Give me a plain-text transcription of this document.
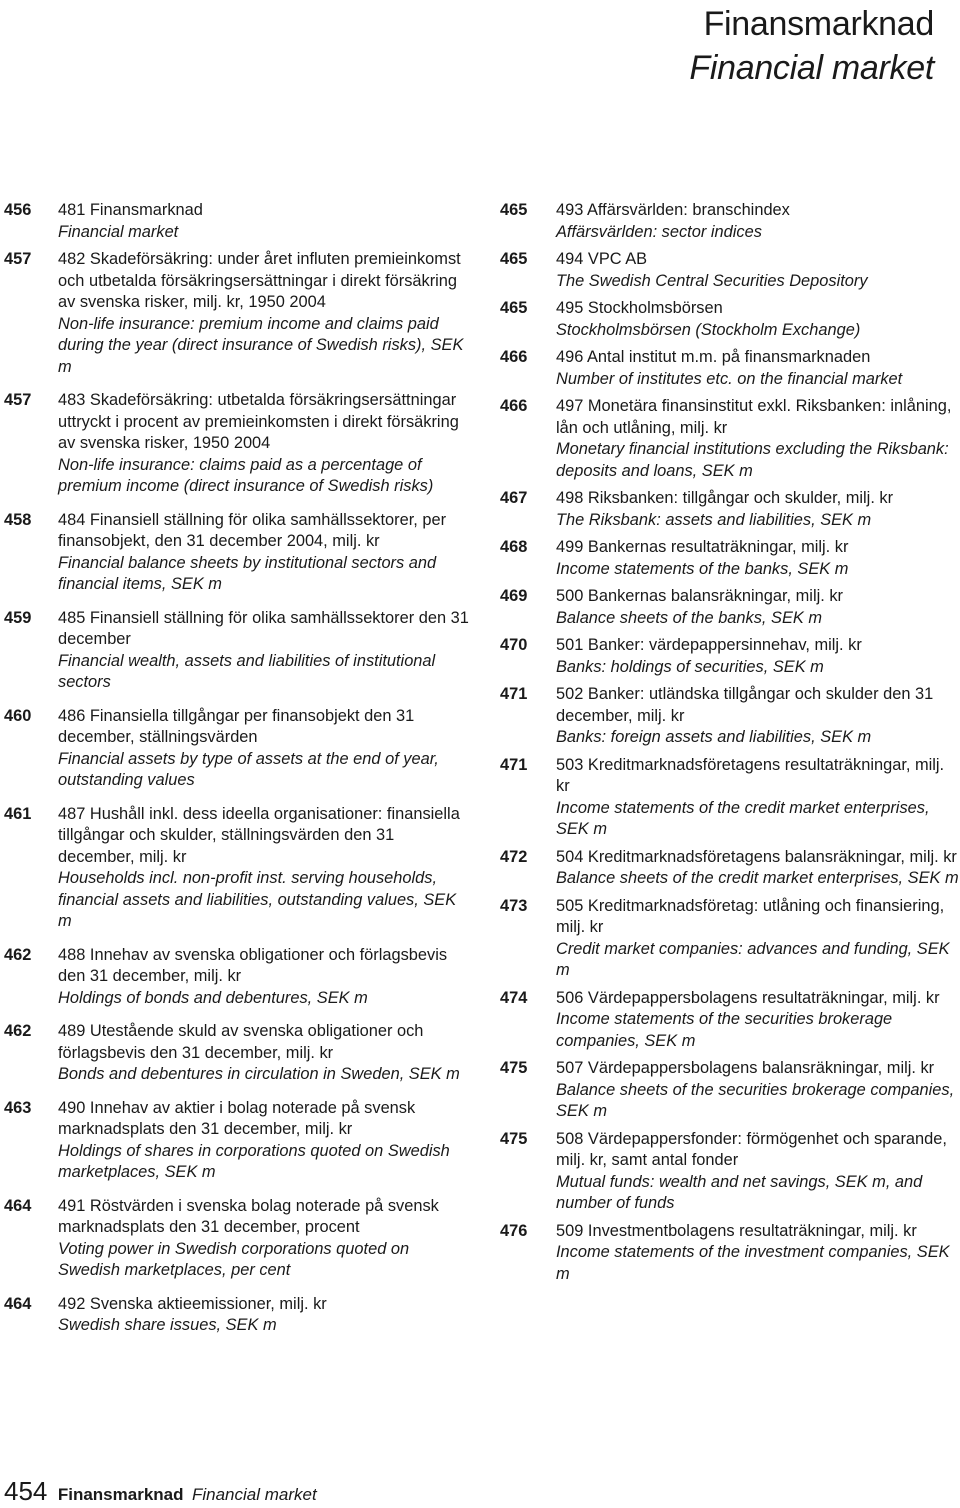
Finansmarknad
Financial market
456	481 Finansmarknad
Financial market
457	482 Skadeförsäkring: under året influten premieinkomst och utbetalda försäkringsersättningar i direkt försäkring av svenska risker, milj. kr, 1950 2004
Non-life insurance: premium income and claims paid during the year (direct insurance of Swedish risks), SEK m
457	483 Skadeförsäkring: utbetalda försäkringsersättningar uttryckt i procent av premieinkomsten i direkt försäkring av svenska risker, 1950 2004
Non-life insurance: claims paid as a percentage of premium income (direct insurance of Swedish risks)
458	484 Finansiell ställning för olika samhällssektorer, per finansobjekt, den 31 december 2004, milj. kr
Financial balance sheets by institutional sectors and financial items, SEK m
459	485 Finansiell ställning för olika samhällssektorer den 31 december
Financial wealth, assets and liabilities of institutional sectors
460	486 Finansiella tillgångar per finansobjekt den 31 december, ställningsvärden
Financial assets by type of assets at the end of year, outstanding values
461	487 Hushåll inkl. dess ideella organisationer: finansiella tillgångar och skulder, ställningsvärden den 31 december, milj. kr
Households incl. non-profit inst. serving households, financial assets and liabilities, outstanding values, SEK m
462	488 Innehav av svenska obligationer och förlagsbevis den 31 december, milj. kr
Holdings of bonds and debentures, SEK m
462	489 Utestående skuld av svenska obligationer och förlagsbevis den 31 december, milj. kr
Bonds and debentures in circulation in Sweden, SEK m
463	490 Innehav av aktier i bolag noterade på svensk marknadsplats den 31 december, milj. kr
Holdings of shares in corporations quoted on Swedish marketplaces, SEK m
464	491 Röstvärden i svenska bolag noterade på svensk marknadsplats den 31 december, procent
Voting power in Swedish corporations quoted on Swedish marketplaces, per cent
464	492 Svenska aktieemissioner, milj. kr
Swedish share issues, SEK m
465	493 Affärsvärlden: branschindex
Affärsvärlden: sector indices
465	494 VPC AB
The Swedish Central Securities Depository
465	495 Stockholmsbörsen
Stockholmsbörsen (Stockholm Exchange)
466	496 Antal institut m.m. på finansmarknaden
Number of institutes etc. on the financial market
466	497 Monetära finansinstitut exkl. Riksbanken: inlåning, lån och utlåning, milj. kr
Monetary financial institutions excluding the Riksbank: deposits and loans, SEK m
467	498 Riksbanken: tillgångar och skulder, milj. kr
The Riksbank: assets and liabilities, SEK m
468	499 Bankernas resultaträkningar, milj. kr
Income statements of the banks, SEK m
469	500 Bankernas balansräkningar, milj. kr
Balance sheets of the banks, SEK m
470	501 Banker: värdepappersinnehav, milj. kr
Banks: holdings of securities, SEK m
471	502 Banker: utländska tillgångar och skulder den 31 december, milj. kr
Banks: foreign assets and liabilities, SEK m
471	503 Kreditmarknadsföretagens resultaträkningar, milj. kr
Income statements of the credit market enterprises, SEK m
472	504 Kreditmarknadsföretagens balansräkningar, milj. kr
Balance sheets of the credit market enterprises, SEK m
473	505 Kreditmarknadsföretag: utlåning och finansiering, milj. kr
Credit market companies: advances and funding, SEK m
474	506 Värdepappersbolagens resultaträkningar, milj. kr
Income statements of the securities brokerage companies, SEK m
475	507 Värdepappersbolagens balansräkningar, milj. kr
Balance sheets of the securities brokerage companies, SEK m
475	508 Värdepappersfonder: förmögenhet och sparande, milj. kr, samt antal fonder
Mutual funds: wealth and net savings, SEK m, and number of funds
476	509 Investmentbolagens resultaträkningar, milj. kr
Income statements of the investment companies, SEK m
454 Finansmarknad Financial market
